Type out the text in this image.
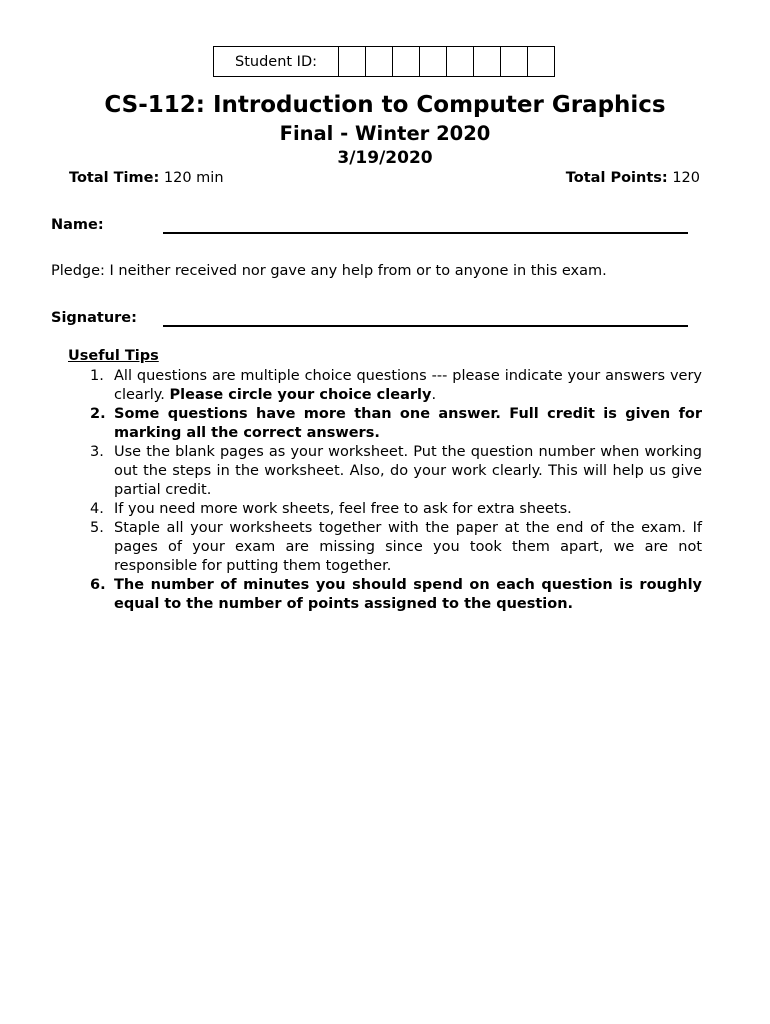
Student ID:								
CS-112: Introduction to Computer Graphics
Final - Winter 2020
3/19/2020
Total Time: 120 min	Total Points: 120
Name:
Pledge: I neither received nor gave any help from or to anyone in this exam.
Signature:
Useful Tips
1. All questions are multiple choice questions --- please indicate your answers very clearly. Please circle your choice clearly.
2. Some questions have more than one answer. Full credit is given for marking all the correct answers.
3. Use the blank pages as your worksheet. Put the question number when working out the steps in the worksheet. Also, do your work clearly. This will help us give partial credit.
4. If you need more work sheets, feel free to ask for extra sheets.
5. Staple all your worksheets together with the paper at the end of the exam. If pages of your exam are missing since you took them apart, we are not responsible for putting them together.
6. The number of minutes you should spend on each question is roughly equal to the number of points assigned to the question.
